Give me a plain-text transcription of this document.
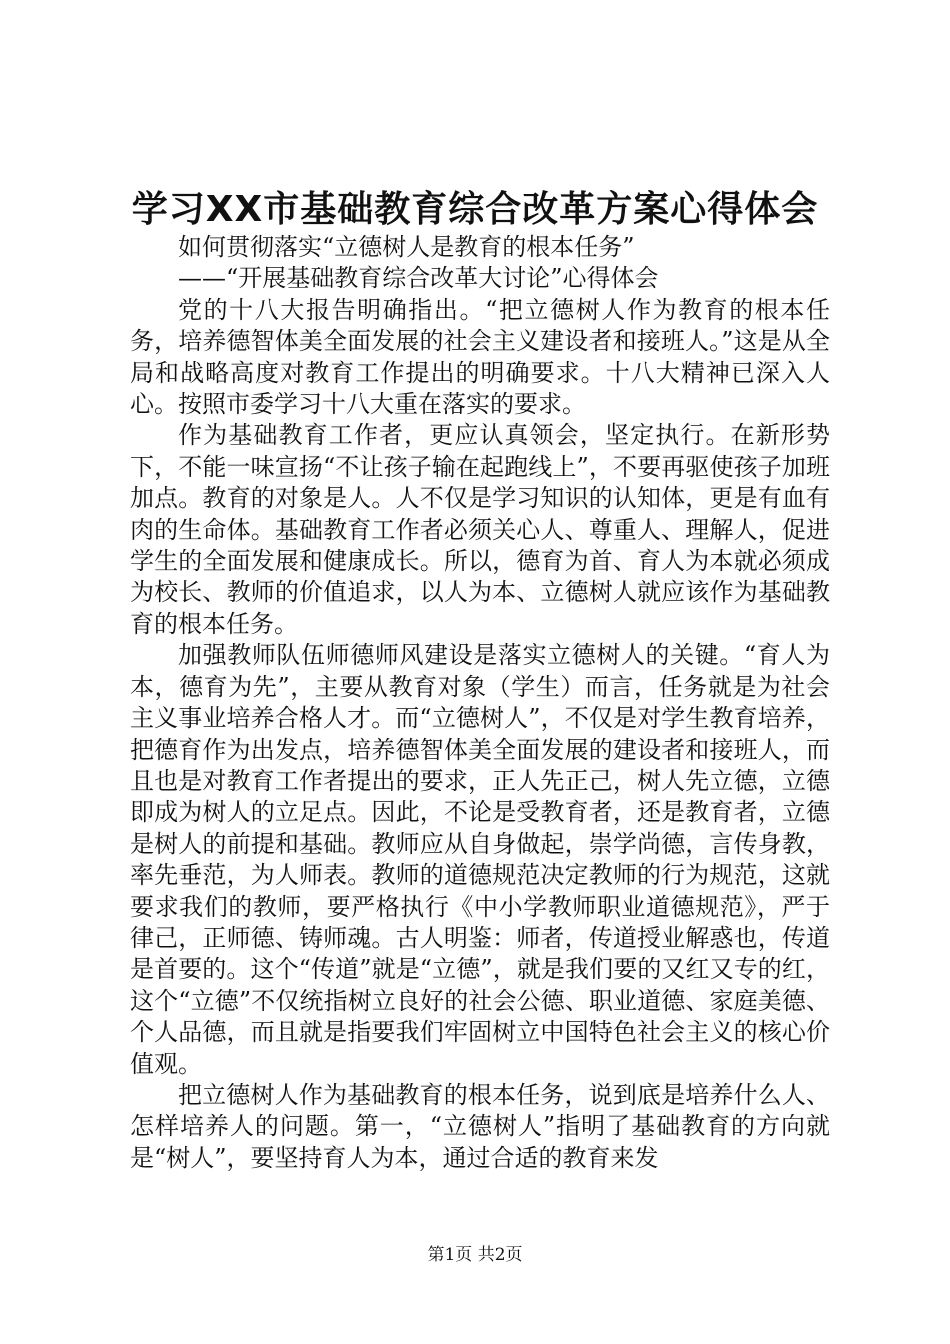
学习XX市基础教育综合改革方案心得体会

如何贯彻落实“立德树人是教育的根本任务”

——“开展基础教育综合改革大讨论”心得体会

党的十八大报告明确指出。“把立德树人作为教育的根本任务，培养德智体美全面发展的社会主义建设者和接班人。”这是从全局和战略高度对教育工作提出的明确要求。十八大精神已深入人心。按照市委学习十八大重在落实的要求。

作为基础教育工作者，更应认真领会，坚定执行。在新形势下，不能一味宣扬“不让孩子输在起跑线上”，不要再驱使孩子加班加点。教育的对象是人。人不仅是学习知识的认知体，更是有血有肉的生命体。基础教育工作者必须关心人、尊重人、理解人，促进学生的全面发展和健康成长。所以，德育为首、育人为本就必须成为校长、教师的价值追求，以人为本、立德树人就应该作为基础教育的根本任务。

加强教师队伍师德师风建设是落实立德树人的关键。“育人为本，德育为先”，主要从教育对象（学生）而言，任务就是为社会主义事业培养合格人才。而“立德树人”，不仅是对学生教育培养，把德育作为出发点，培养德智体美全面发展的建设者和接班人，而且也是对教育工作者提出的要求，正人先正己，树人先立德，立德即成为树人的立足点。因此，不论是受教育者，还是教育者，立德是树人的前提和基础。教师应从自身做起，崇学尚德，言传身教，率先垂范，为人师表。教师的道德规范决定教师的行为规范，这就要求我们的教师，要严格执行《中小学教师职业道德规范》，严于律己，正师德、铸师魂。古人明鉴：师者，传道授业解惑也，传道是首要的。这个“传道”就是“立德”，就是我们要的又红又专的红，这个“立德”不仅统指树立良好的社会公德、职业道德、家庭美德、个人品德，而且就是指要我们牢固树立中国特色社会主义的核心价值观。

把立德树人作为基础教育的根本任务，说到底是培养什么人、怎样培养人的问题。第一，“立德树人”指明了基础教育的方向就是“树人”，要坚持育人为本，通过合适的教育来发

第1页 共2页
